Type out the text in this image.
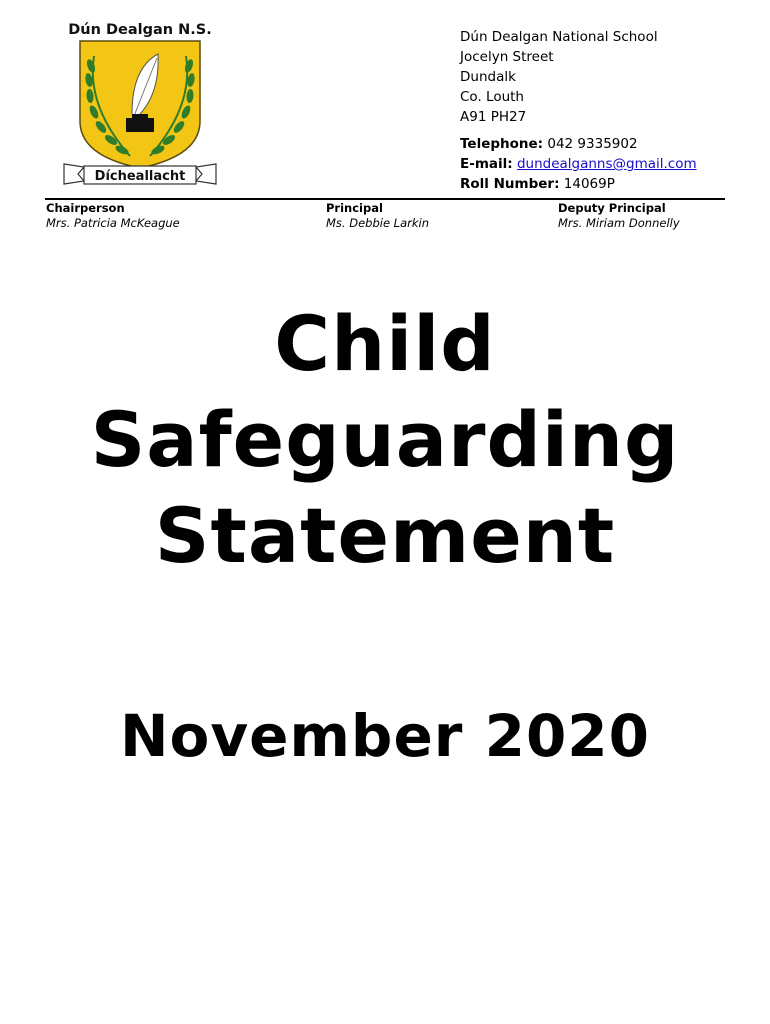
Dún Dealgan N.S.
Dícheallacht
Dún Dealgan National School
Jocelyn Street
Dundalk
Co. Louth
A91 PH27
Telephone: 042 9335902
E-mail: dundealganns@gmail.com
Roll Number: 14069P
Chairperson
Mrs. Patricia McKeague
Principal
Ms. Debbie Larkin
Deputy Principal
Mrs. Miriam Donnelly
Child
Safeguarding
Statement
November 2020
